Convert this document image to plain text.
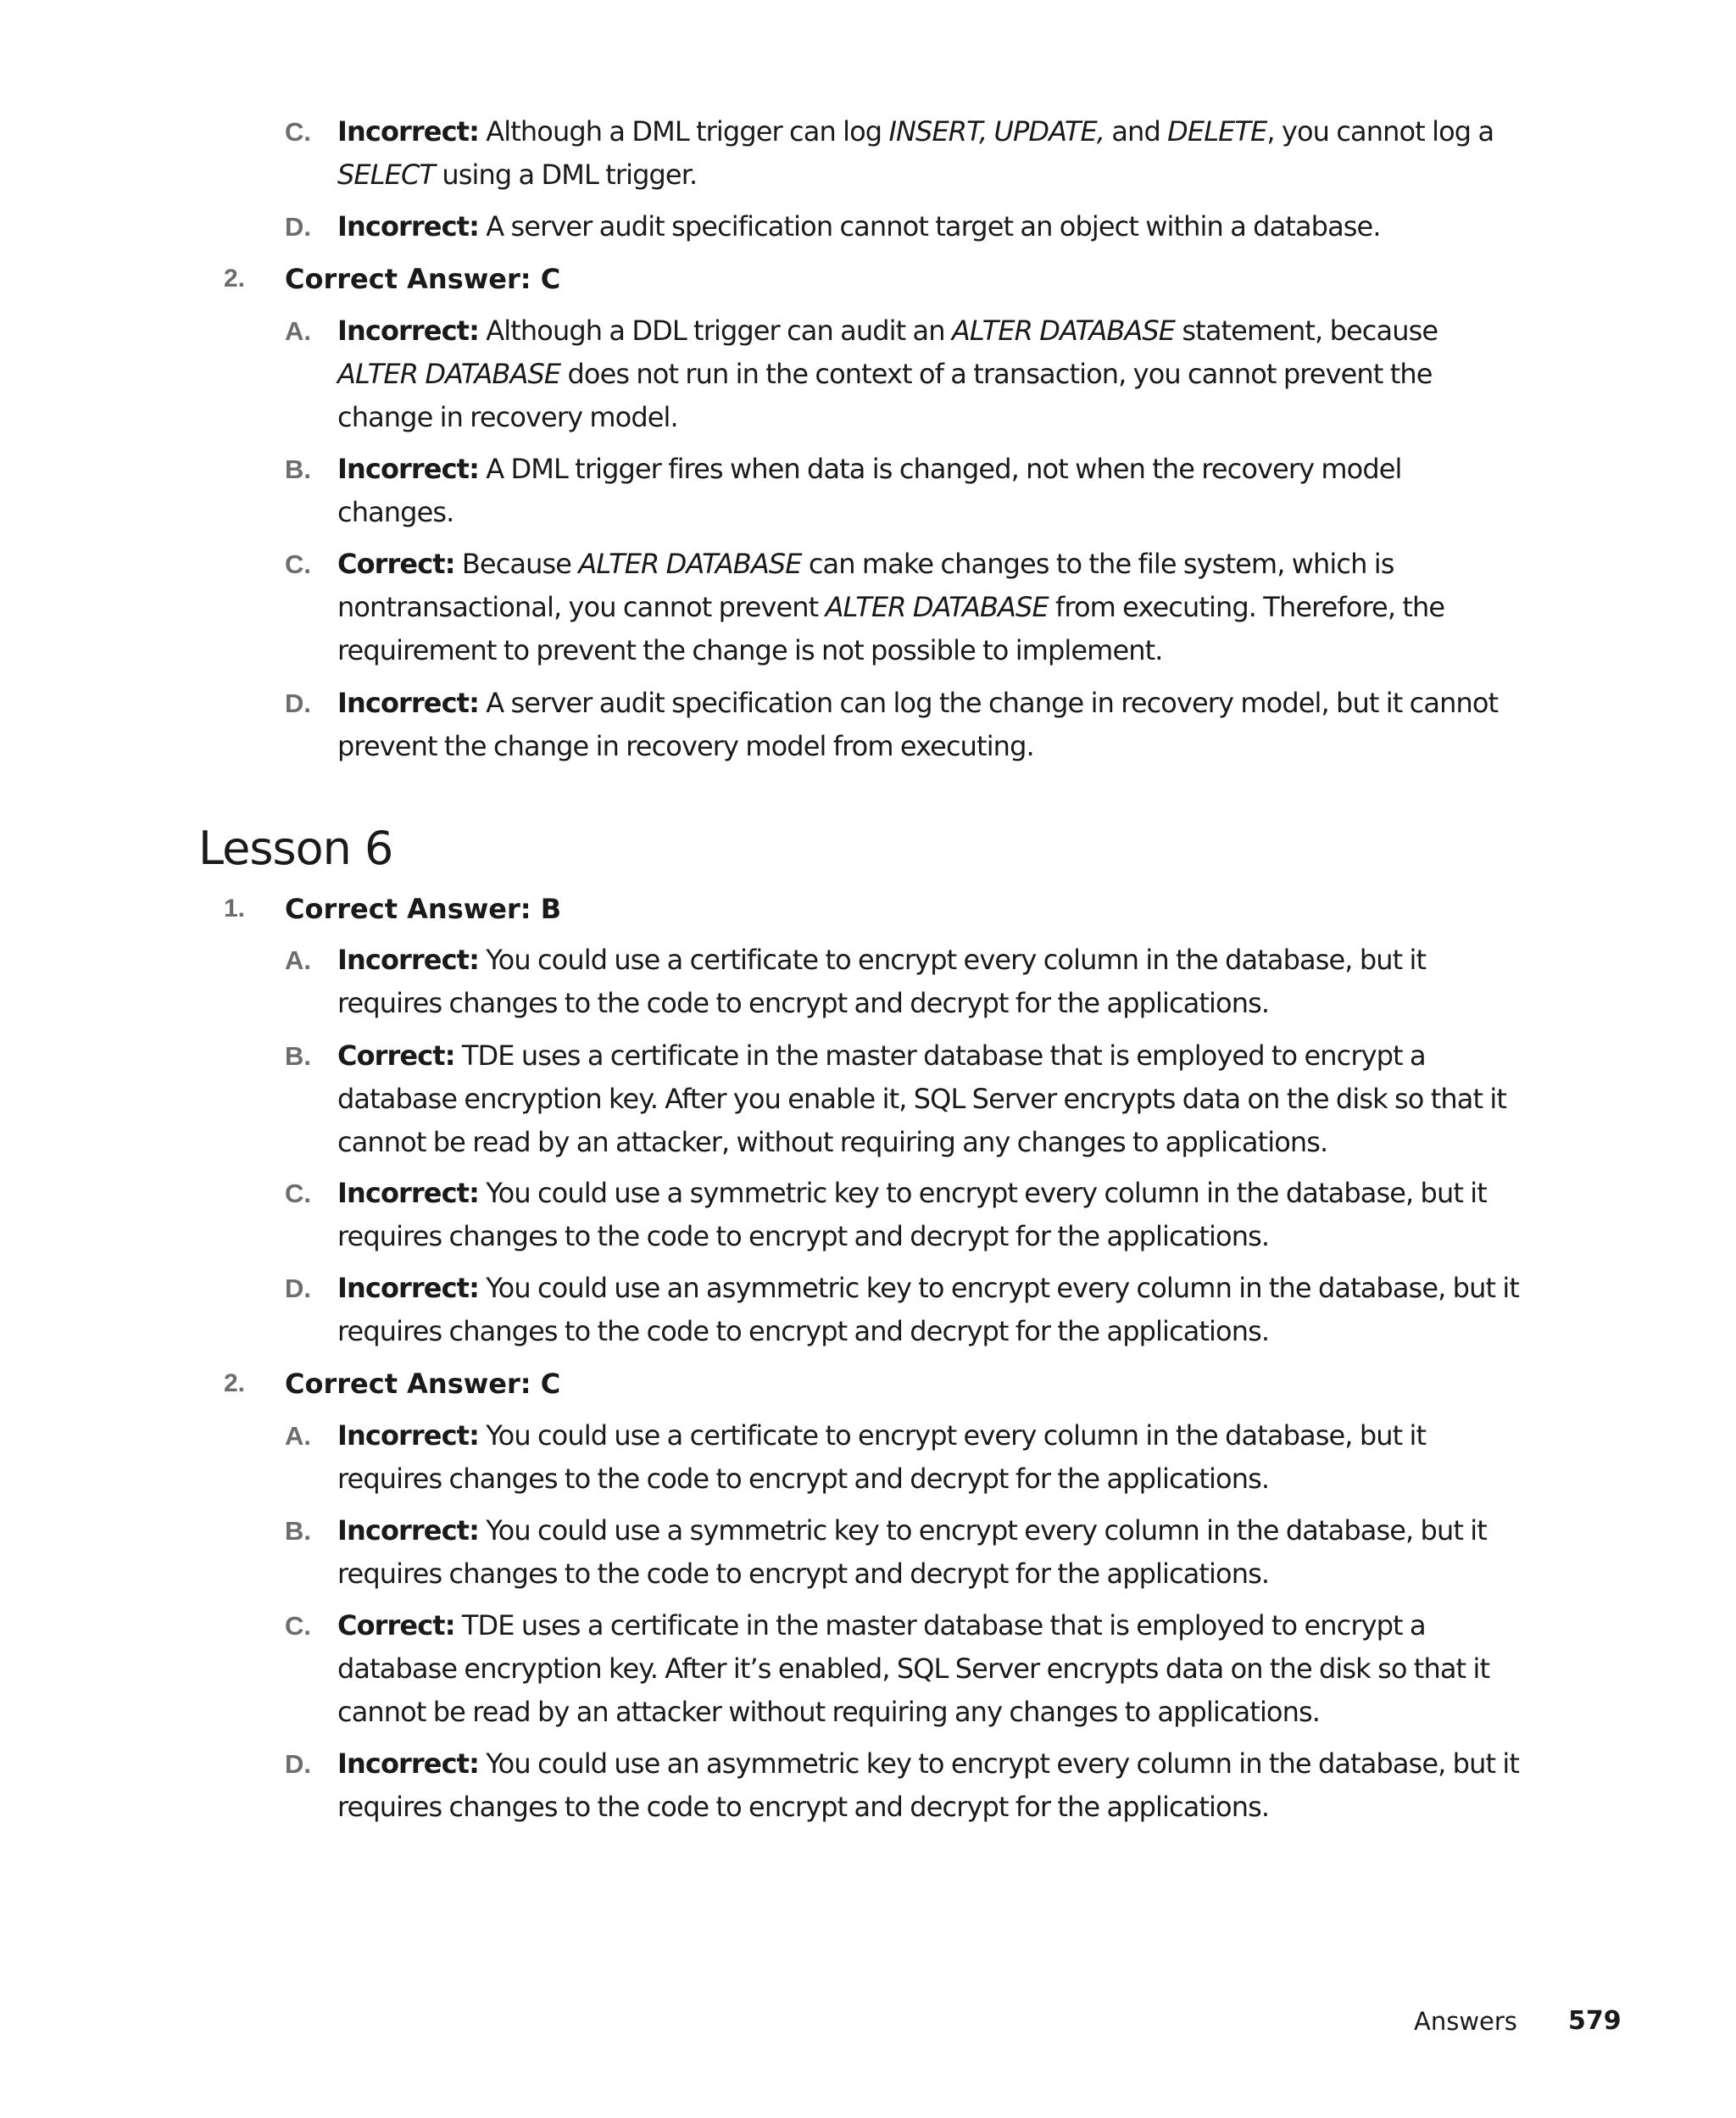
C. Incorrect: Although a DML trigger can log INSERT, UPDATE, and DELETE, you cannot log a SELECT using a DML trigger.
D. Incorrect: A server audit specification cannot target an object within a database.
2.	Correct Answer: C
A. Incorrect: Although a DDL trigger can audit an ALTER DATABASE statement, because ALTER DATABASE does not run in the context of a transaction, you cannot prevent the change in recovery model.
B. Incorrect: A DML trigger fires when data is changed, not when the recovery model changes.
C. Correct: Because ALTER DATABASE can make changes to the file system, which is nontransactional, you cannot prevent ALTER DATABASE from executing. Therefore, the requirement to prevent the change is not possible to implement.
D. Incorrect: A server audit specification can log the change in recovery model, but it cannot prevent the change in recovery model from executing.
Lesson 6
1.	Correct Answer: B
A. Incorrect: You could use a certificate to encrypt every column in the database, but it requires changes to the code to encrypt and decrypt for the applications.
B. Correct: TDE uses a certificate in the master database that is employed to encrypt a database encryption key. After you enable it, SQL Server encrypts data on the disk so that it cannot be read by an attacker, without requiring any changes to applications.
C. Incorrect: You could use a symmetric key to encrypt every column in the database, but it requires changes to the code to encrypt and decrypt for the applications.
D. Incorrect: You could use an asymmetric key to encrypt every column in the database, but it requires changes to the code to encrypt and decrypt for the applications.
2.	Correct Answer: C
A. Incorrect: You could use a certificate to encrypt every column in the database, but it requires changes to the code to encrypt and decrypt for the applications.
B. Incorrect: You could use a symmetric key to encrypt every column in the database, but it requires changes to the code to encrypt and decrypt for the applications.
C. Correct: TDE uses a certificate in the master database that is employed to encrypt a database encryption key. After it’s enabled, SQL Server encrypts data on the disk so that it cannot be read by an attacker without requiring any changes to applications.
D. Incorrect: You could use an asymmetric key to encrypt every column in the database, but it requires changes to the code to encrypt and decrypt for the applications.
Answers 579
